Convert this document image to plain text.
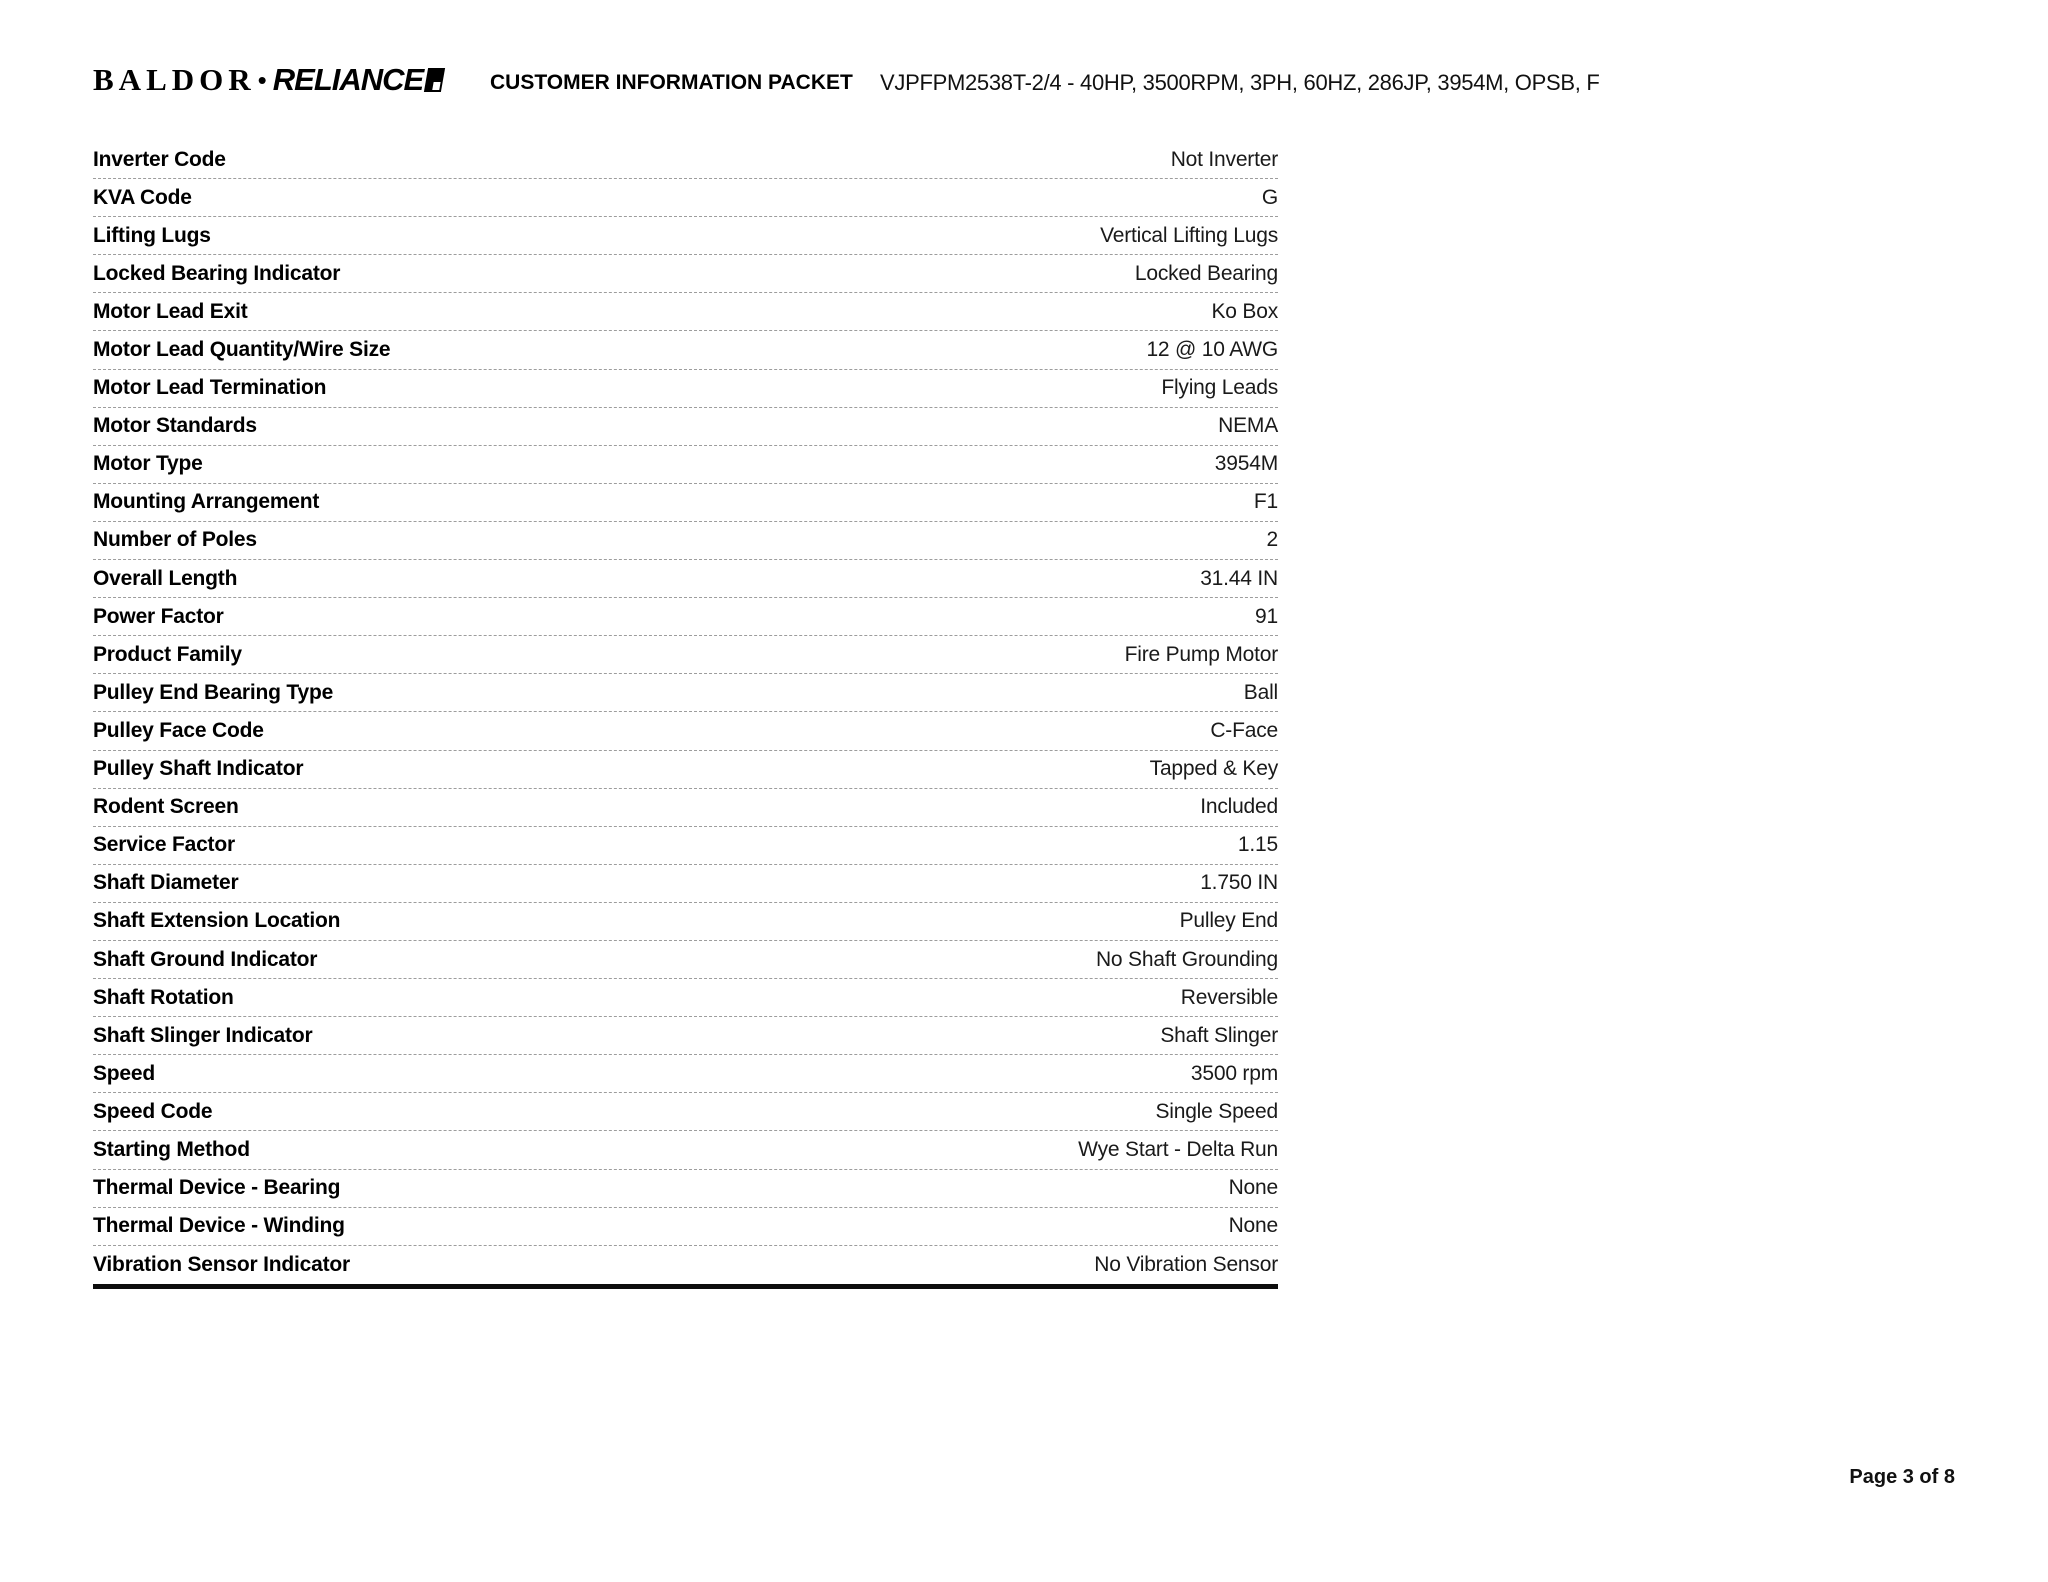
BALDOR • RELIANCE	CUSTOMER INFORMATION PACKET VJPFPM2538T-2/4 - 40HP, 3500RPM, 3PH, 60HZ, 286JP, 3954M, OPSB, F
Inverter Code	Not Inverter
KVA Code	G
Lifting Lugs	Vertical Lifting Lugs
Locked Bearing Indicator	Locked Bearing
Motor Lead Exit	Ko Box
Motor Lead Quantity/Wire Size	12 @ 10 AWG
Motor Lead Termination	Flying Leads
Motor Standards	NEMA
Motor Type	3954M
Mounting Arrangement	F1
Number of Poles	2
Overall Length	31.44 IN
Power Factor	91
Product Family	Fire Pump Motor
Pulley End Bearing Type	Ball
Pulley Face Code	C-Face
Pulley Shaft Indicator	Tapped & Key
Rodent Screen	Included
Service Factor	1.15
Shaft Diameter	1.750 IN
Shaft Extension Location	Pulley End
Shaft Ground Indicator	No Shaft Grounding
Shaft Rotation	Reversible
Shaft Slinger Indicator	Shaft Slinger
Speed	3500 rpm
Speed Code	Single Speed
Starting Method	Wye Start - Delta Run
Thermal Device - Bearing	None
Thermal Device - Winding	None
Vibration Sensor Indicator	No Vibration Sensor
Page 3 of 8
